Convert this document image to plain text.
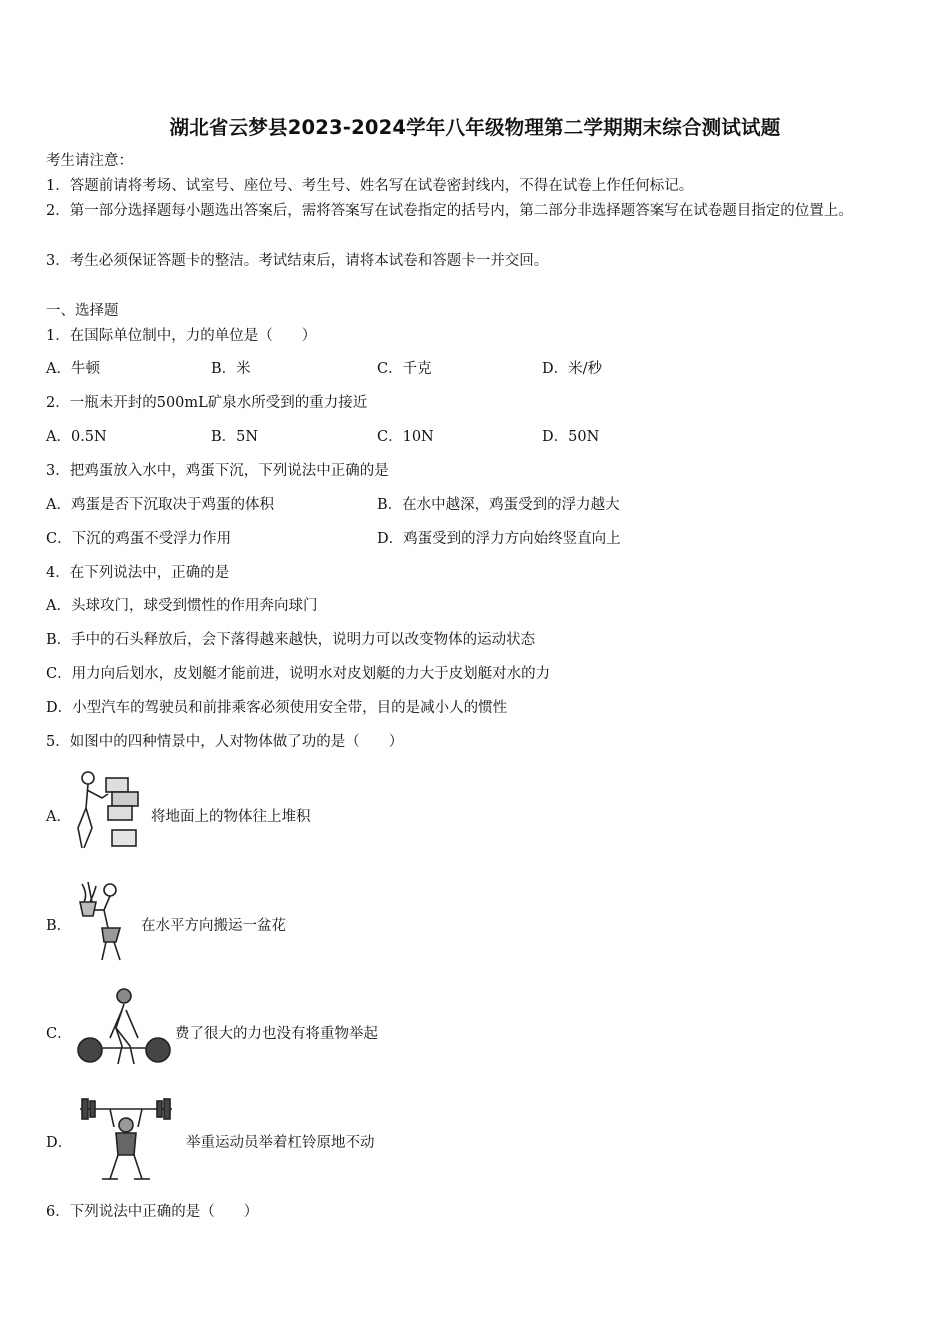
湖北省云梦县2023-2024学年八年级物理第二学期期末综合测试试题
考生请注意：
1．答题前请将考场、试室号、座位号、考生号、姓名写在试卷密封线内，不得在试卷上作任何标记。
2．第一部分选择题每小题选出答案后，需将答案写在试卷指定的括号内，第二部分非选择题答案写在试卷题目指定的位置上。
3．考生必须保证答题卡的整洁。考试结束后，请将本试卷和答题卡一并交回。
一、选择题
1．在国际单位制中，力的单位是（　　）
A．牛顿	B．米	C．千克	D．米/秒
2．一瓶未开封的500mL矿泉水所受到的重力接近
A．0.5N	B．5N	C．10N	D．50N
3．把鸡蛋放入水中，鸡蛋下沉，下列说法中正确的是
A．鸡蛋是否下沉取决于鸡蛋的体积	B．在水中越深，鸡蛋受到的浮力越大
C．下沉的鸡蛋不受浮力作用	D．鸡蛋受到的浮力方向始终竖直向上
4．在下列说法中，正确的是
A．头球攻门，球受到惯性的作用奔向球门
B．手中的石头释放后，会下落得越来越快，说明力可以改变物体的运动状态
C．用力向后划水，皮划艇才能前进，说明水对皮划艇的力大于皮划艇对水的力
D．小型汽车的驾驶员和前排乘客必须使用安全带，目的是减小人的惯性
5．如图中的四种情景中，人对物体做了功的是（　　）
A．	将地面上的物体往上堆积
B．	在水平方向搬运一盆花
C．	费了很大的力也没有将重物举起
D．	举重运动员举着杠铃原地不动
6．下列说法中正确的是（　　）
